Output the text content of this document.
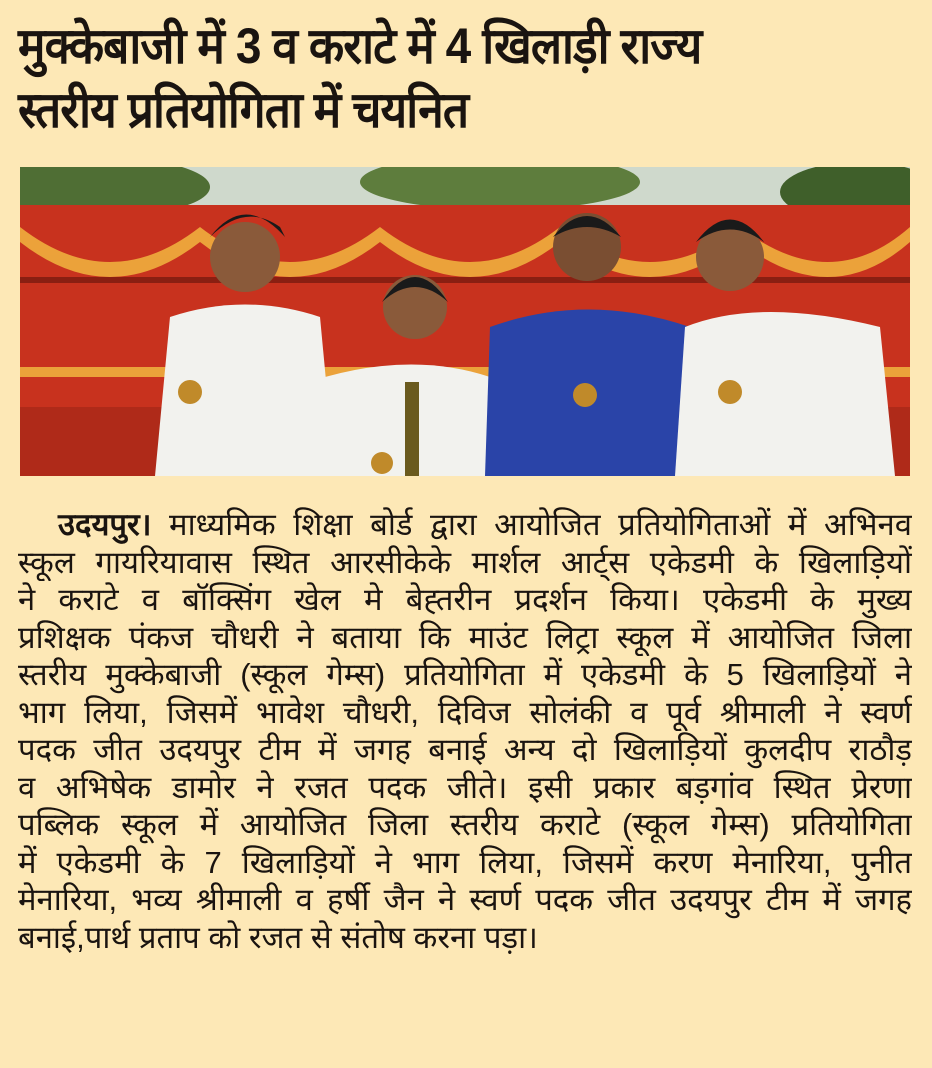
मुक्केबाजी में 3 व कराटे में 4 खिलाड़ी राज्य
स्तरीय प्रतियोगिता में चयनित
उदयपुर। माध्यमिक शिक्षा बोर्ड द्वारा आयोजित प्रतियोगिताओं में अभिनव
स्कूल गायरियावास स्थित आरसीकेके मार्शल आर्ट्स एकेडमी के खिलाड़ियों
ने कराटे व बॉक्सिंग खेल मे बेह्तरीन प्रदर्शन किया। एकेडमी के मुख्य
प्रशिक्षक पंकज चौधरी ने बताया कि माउंट लिट्रा स्कूल में आयोजित जिला
स्तरीय मुक्केबाजी (स्कूल गेम्स) प्रतियोगिता में एकेडमी के 5 खिलाड़ियों ने
भाग लिया, जिसमें भावेश चौधरी, दिविज सोलंकी व पूर्व श्रीमाली ने स्वर्ण
पदक जीत उदयपुर टीम में जगह बनाई अन्य दो खिलाड़ियों कुलदीप राठौड़
व अभिषेक डामोर ने रजत पदक जीते। इसी प्रकार बड़गांव स्थित प्रेरणा
पब्लिक स्कूल में आयोजित जिला स्तरीय कराटे (स्कूल गेम्स) प्रतियोगिता
में एकेडमी के 7 खिलाड़ियों ने भाग लिया, जिसमें करण मेनारिया, पुनीत
मेनारिया, भव्य श्रीमाली व हर्षी जैन ने स्वर्ण पदक जीत उदयपुर टीम में जगह
बनाई,पार्थ प्रताप को रजत से संतोष करना पड़ा।
